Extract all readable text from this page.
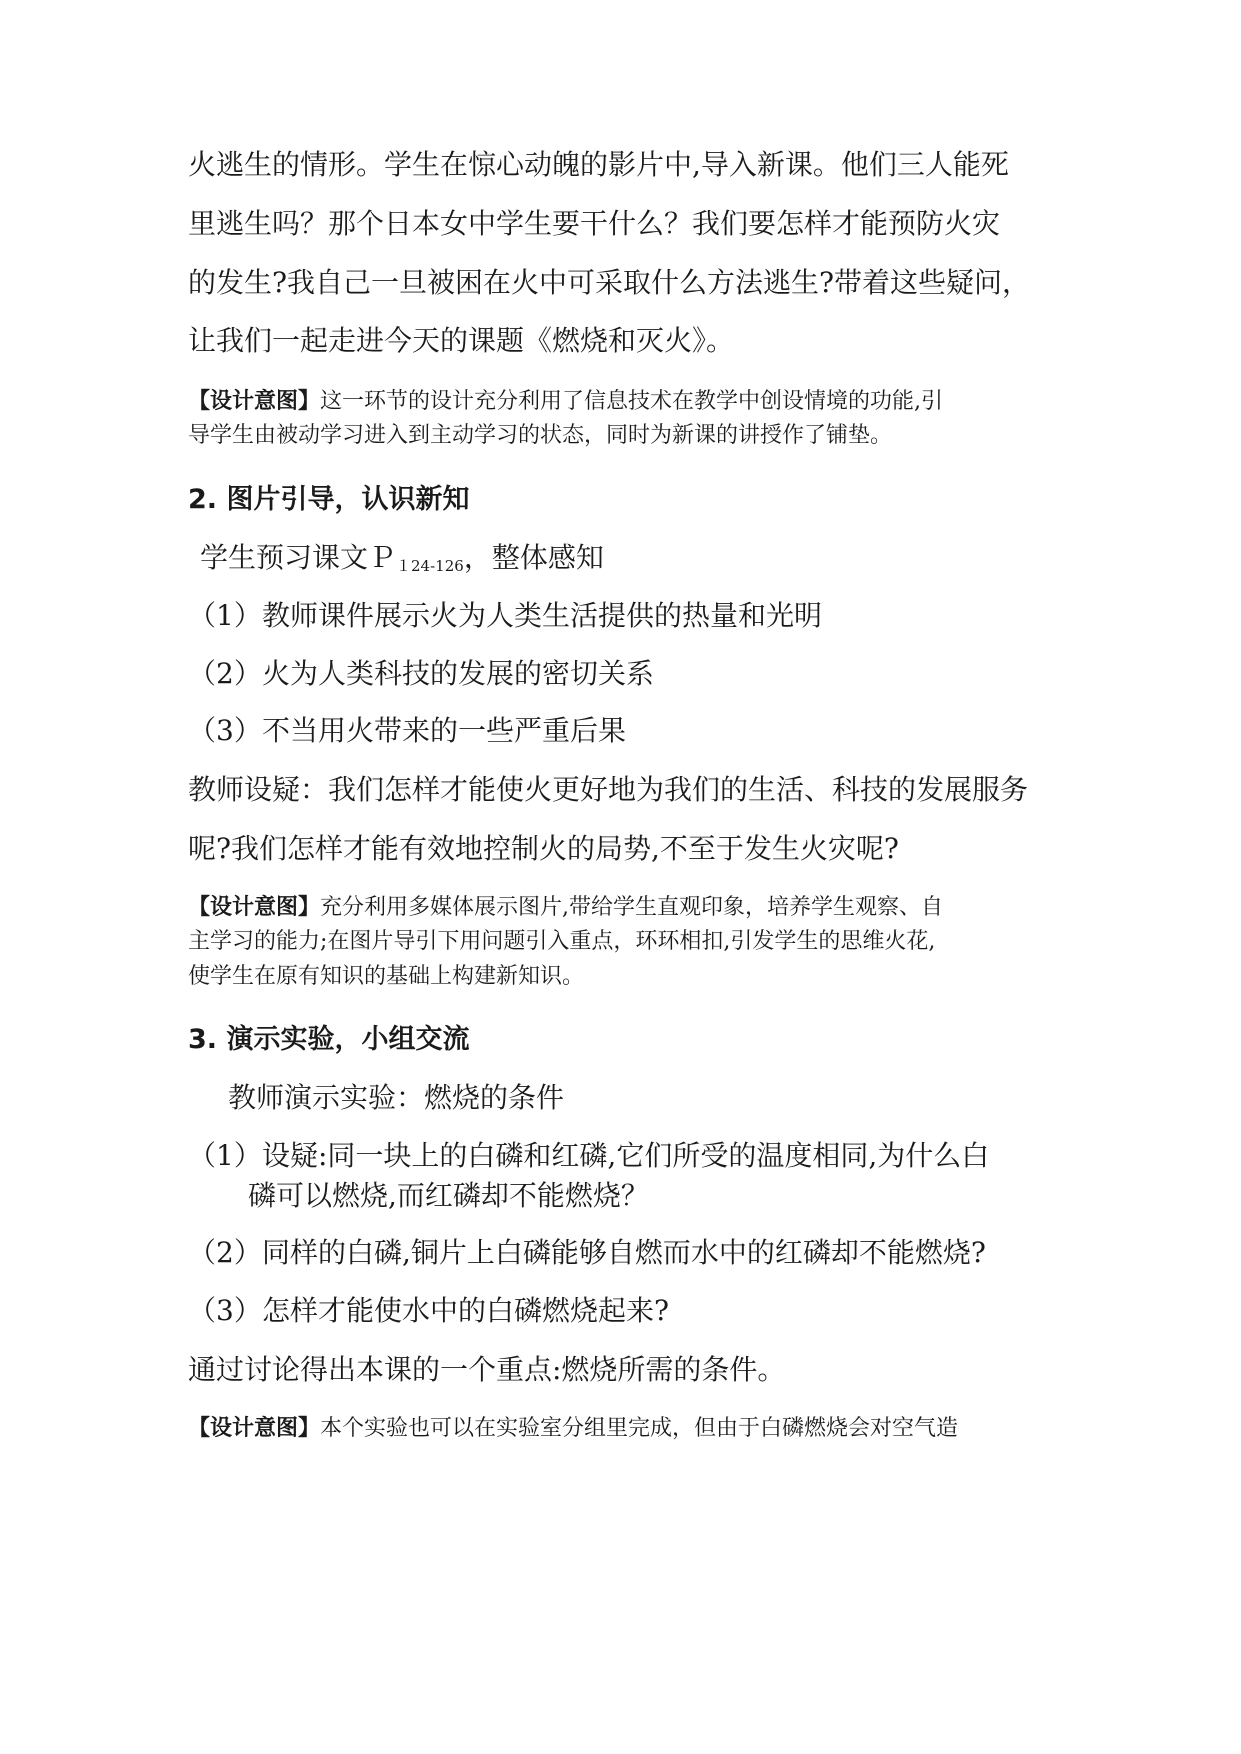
火逃生的情形。学生在惊心动魄的影片中,导入新课。他们三人能死
里逃生吗？那个日本女中学生要干什么？我们要怎样才能预防火灾
的发生?我自己一旦被困在火中可采取什么方法逃生?带着这些疑问，
让我们一起走进今天的课题《燃烧和灭火》。
【设计意图】这一环节的设计充分利用了信息技术在教学中创设情境的功能,引
导学生由被动学习进入到主动学习的状态，同时为新课的讲授作了铺垫。
2. 图片引导，认识新知
学生预习课文Ｐ$_{124-126}$，整体感知
（1）教师课件展示火为人类生活提供的热量和光明
（2）火为人类科技的发展的密切关系
（3）不当用火带来的一些严重后果
教师设疑：我们怎样才能使火更好地为我们的生活、科技的发展服务
呢?我们怎样才能有效地控制火的局势,不至于发生火灾呢?
【设计意图】充分利用多媒体展示图片,带给学生直观印象，培养学生观察、自
主学习的能力;在图片导引下用问题引入重点，环环相扣,引发学生的思维火花,
使学生在原有知识的基础上构建新知识。
3. 演示实验，小组交流
教师演示实验：燃烧的条件
（1）设疑:同一块上的白磷和红磷,它们所受的温度相同,为什么白
磷可以燃烧,而红磷却不能燃烧？
（2）同样的白磷,铜片上白磷能够自燃而水中的红磷却不能燃烧?
（3）怎样才能使水中的白磷燃烧起来?
通过讨论得出本课的一个重点:燃烧所需的条件。
【设计意图】本个实验也可以在实验室分组里完成，但由于白磷燃烧会对空气造
